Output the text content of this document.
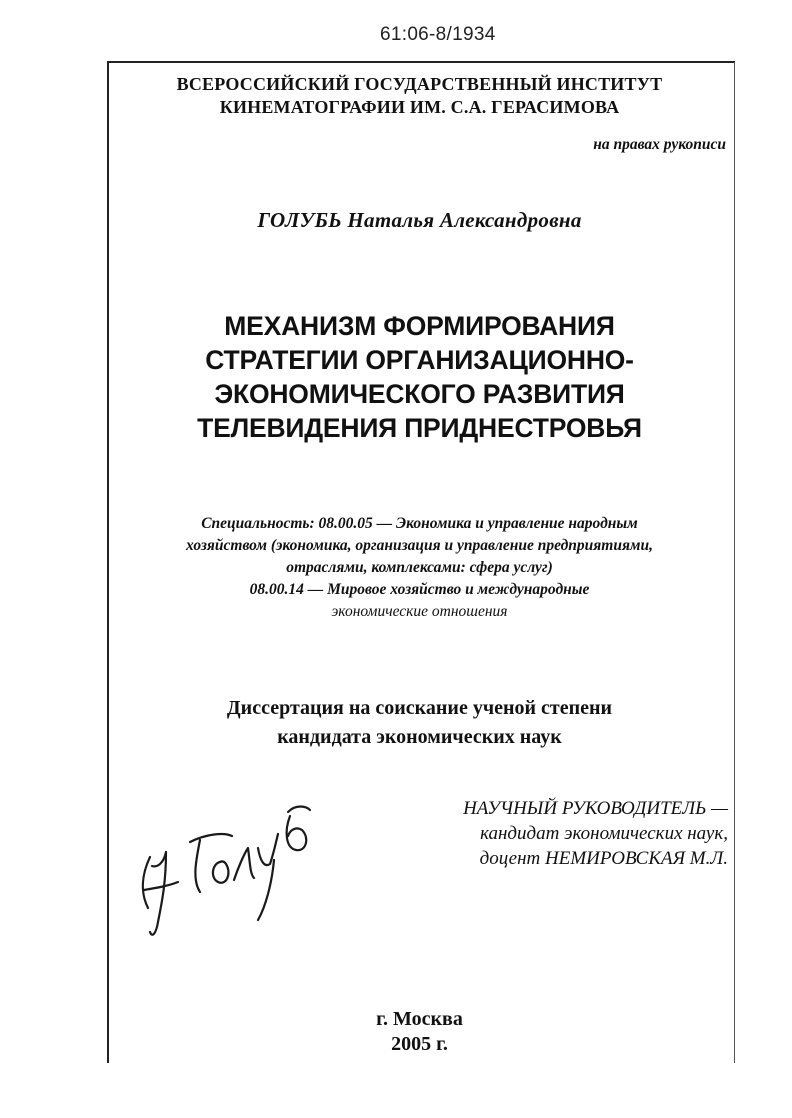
61:06-8/1934
ВСЕРОССИЙСКИЙ ГОСУДАРСТВЕННЫЙ ИНСТИТУТ
КИНЕМАТОГРАФИИ ИМ. С.А. ГЕРАСИМОВА
на правах рукописи
ГОЛУБЬ Наталья Александровна
МЕХАНИЗМ ФОРМИРОВАНИЯ
СТРАТЕГИИ ОРГАНИЗАЦИОННО-
ЭКОНОМИЧЕСКОГО РАЗВИТИЯ
ТЕЛЕВИДЕНИЯ ПРИДНЕСТРОВЬЯ
Специальность: 08.00.05 — Экономика и управление народным
хозяйством (экономика, организация и управление предприятиями,
отраслями, комплексами: сфера услуг)
08.00.14 — Мировое хозяйство и международные
экономические отношения
Диссертация на соискание ученой степени
кандидата экономических наук
НАУЧНЫЙ РУКОВОДИТЕЛЬ —
кандидат экономических наук,
доцент НЕМИРОВСКАЯ М.Л.
г. Москва
2005 г.
